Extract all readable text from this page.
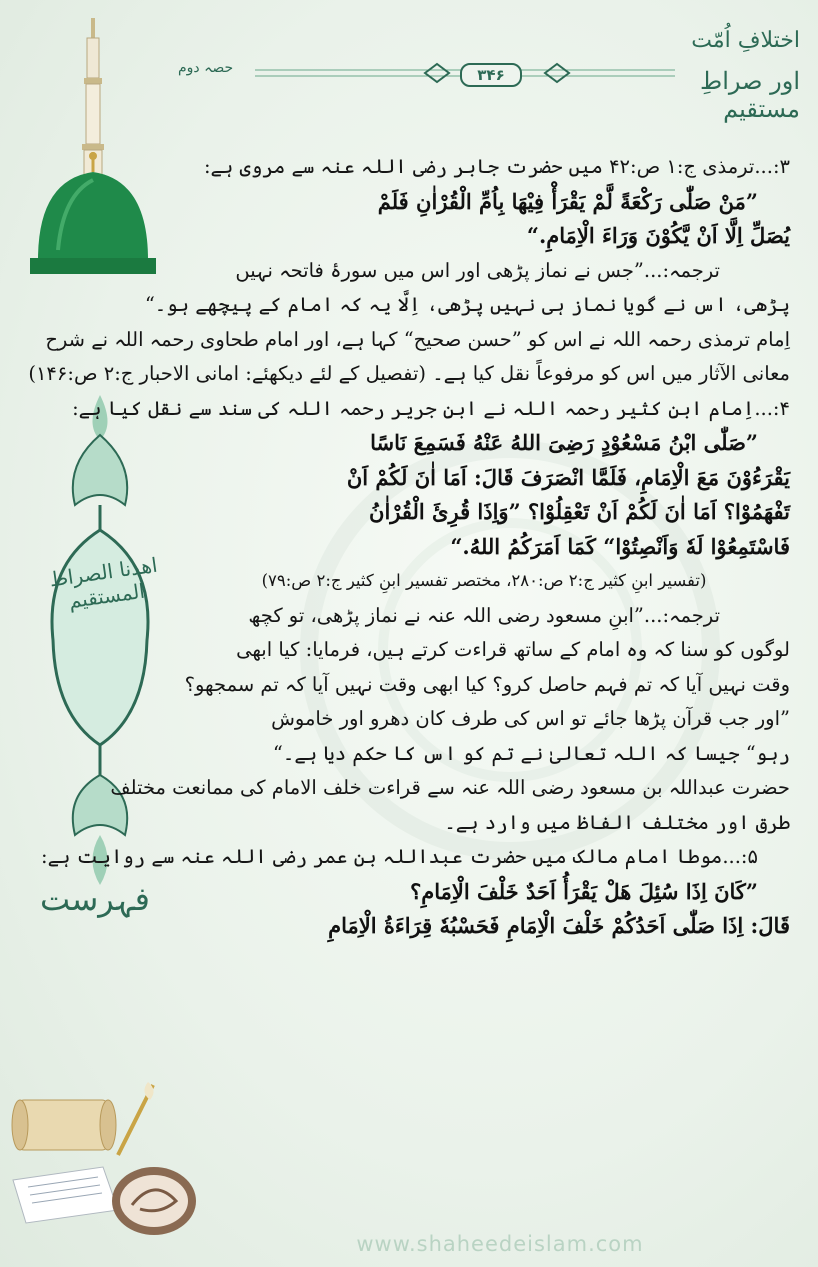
اھدنا الصراط المستقیم
فہرست
اختلافِ اُمّت
اور صراطِ مستقیم
حصہ دوم	۳۴۶
۳:...ترمذی ج:۱ ص:۴۲ میں حضرت جابر رضی اللہ عنہ سے مروی ہے:
”مَنْ صَلّٰی رَکْعَةً لَّمْ یَقْرَأْ فِیْھَا بِاُمِّ الْقُرْاٰنِ فَلَمْ
یُصَلِّ اِلَّا اَنْ یَّکُوْنَ وَرَاءَ الْاِمَامِ.“
ترجمہ:...”جس نے نماز پڑھی اور اس میں سورۂ فاتحہ نہیں
پڑھی، اس نے گویا نماز ہی نہیں پڑھی، اِلَّا یہ کہ امام کے پیچھے ہو۔“
اِمام ترمذی رحمہ اللہ نے اس کو ”حسن صحیح“ کہا ہے، اور امام طحاوی رحمہ اللہ نے شرح
معانی الآثار میں اس کو مرفوعاً نقل کیا ہے۔ (تفصیل کے لئے دیکھئے: امانی الاحبار ج:۲ ص:۱۴۶)
۴:...اِمام ابنِ کثیر رحمہ اللہ نے ابنِ جریر رحمہ اللہ کی سند سے نقل کیا ہے:
”صَلّٰی ابْنُ مَسْعُوْدٍ رَضِیَ اللهُ عَنْهُ فَسَمِعَ نَاسًا
یَقْرَءُوْنَ مَعَ الْاِمَامِ، فَلَمَّا انْصَرَفَ قَالَ: اَمَا اٰنَ لَکُمْ اَنْ
تَفْھَمُوْا؟ اَمَا اٰنَ لَکُمْ اَنْ تَعْقِلُوْا؟ ”وَاِذَا قُرِئَ الْقُرْاٰنُ
فَاسْتَمِعُوْا لَهٗ وَاَنْصِتُوْا“ کَمَا اَمَرَکُمُ اللهُ.“
(تفسیر ابنِ کثیر ج:۲ ص:۲۸۰، مختصر تفسیر ابنِ کثیر ج:۲ ص:۷۹)
ترجمہ:...”ابنِ مسعود رضی اللہ عنہ نے نماز پڑھی، تو کچھ
لوگوں کو سنا کہ وہ امام کے ساتھ قراءت کرتے ہیں، فرمایا: کیا ابھی
وقت نہیں آیا کہ تم فہم حاصل کرو؟ کیا ابھی وقت نہیں آیا کہ تم سمجھو؟
”اور جب قرآن پڑھا جائے تو اس کی طرف کان دھرو اور خاموش
رہو“ جیسا کہ اللہ تعالیٰ نے تم کو اس کا حکم دیا ہے۔“
حضرت عبداللہ بن مسعود رضی اللہ عنہ سے قراءت خلف الامام کی ممانعت مختلف
طرق اور مختلف الفاظ میں وارد ہے۔
۵:...موطا امام مالک میں حضرت عبداللہ بن عمر رضی اللہ عنہ سے روایت ہے:
”کَانَ اِذَا سُئِلَ ھَلْ یَقْرَأُ اَحَدٌ خَلْفَ الْاِمَامِ؟
قَالَ: اِذَا صَلّٰی اَحَدُکُمْ خَلْفَ الْاِمَامِ فَحَسْبُهٗ قِرَاءَةُ الْاِمَامِ
www.shaheedeislam.com
